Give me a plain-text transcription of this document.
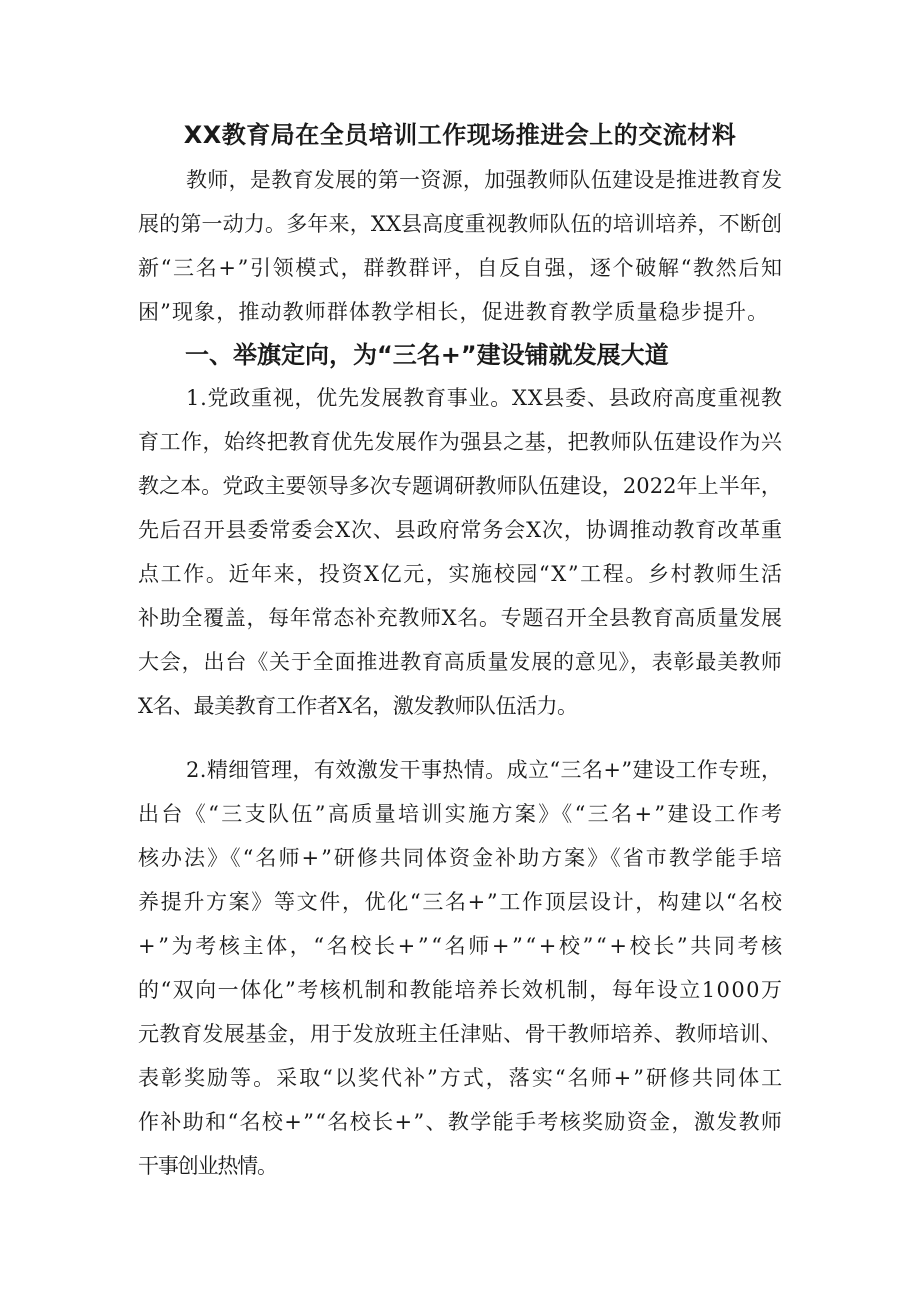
XX教育局在全员培训工作现场推进会上的交流材料

教师，是教育发展的第一资源，加强教师队伍建设是推进教育发

展的第一动力。多年来，XX县高度重视教师队伍的培训培养，不断创

新“三名+”引领模式，群教群评，自反自强，逐个破解“教然后知

困”现象，推动教师群体教学相长，促进教育教学质量稳步提升。

一、举旗定向，为“三名+”建设铺就发展大道

1.党政重视，优先发展教育事业。XX县委、县政府高度重视教

育工作，始终把教育优先发展作为强县之基，把教师队伍建设作为兴

教之本。党政主要领导多次专题调研教师队伍建设，2022年上半年，

先后召开县委常委会X次、县政府常务会X次，协调推动教育改革重

点工作。近年来，投资X亿元，实施校园“X”工程。乡村教师生活

补助全覆盖，每年常态补充教师X名。专题召开全县教育高质量发展

大会，出台《关于全面推进教育高质量发展的意见》，表彰最美教师

X名、最美教育工作者X名，激发教师队伍活力。

2.精细管理，有效激发干事热情。成立“三名+”建设工作专班，

出台《“三支队伍”高质量培训实施方案》《“三名+”建设工作考

核办法》《“名师+”研修共同体资金补助方案》《省市教学能手培

养提升方案》等文件，优化“三名+”工作顶层设计，构建以“名校

+”为考核主体，“名校长+”“名师+”“+校”“+校长”共同考核

的“双向一体化”考核机制和教能培养长效机制，每年设立1000万

元教育发展基金，用于发放班主任津贴、骨干教师培养、教师培训、

表彰奖励等。采取“以奖代补”方式，落实“名师+”研修共同体工

作补助和“名校+”“名校长+”、教学能手考核奖励资金，激发教师

干事创业热情。
